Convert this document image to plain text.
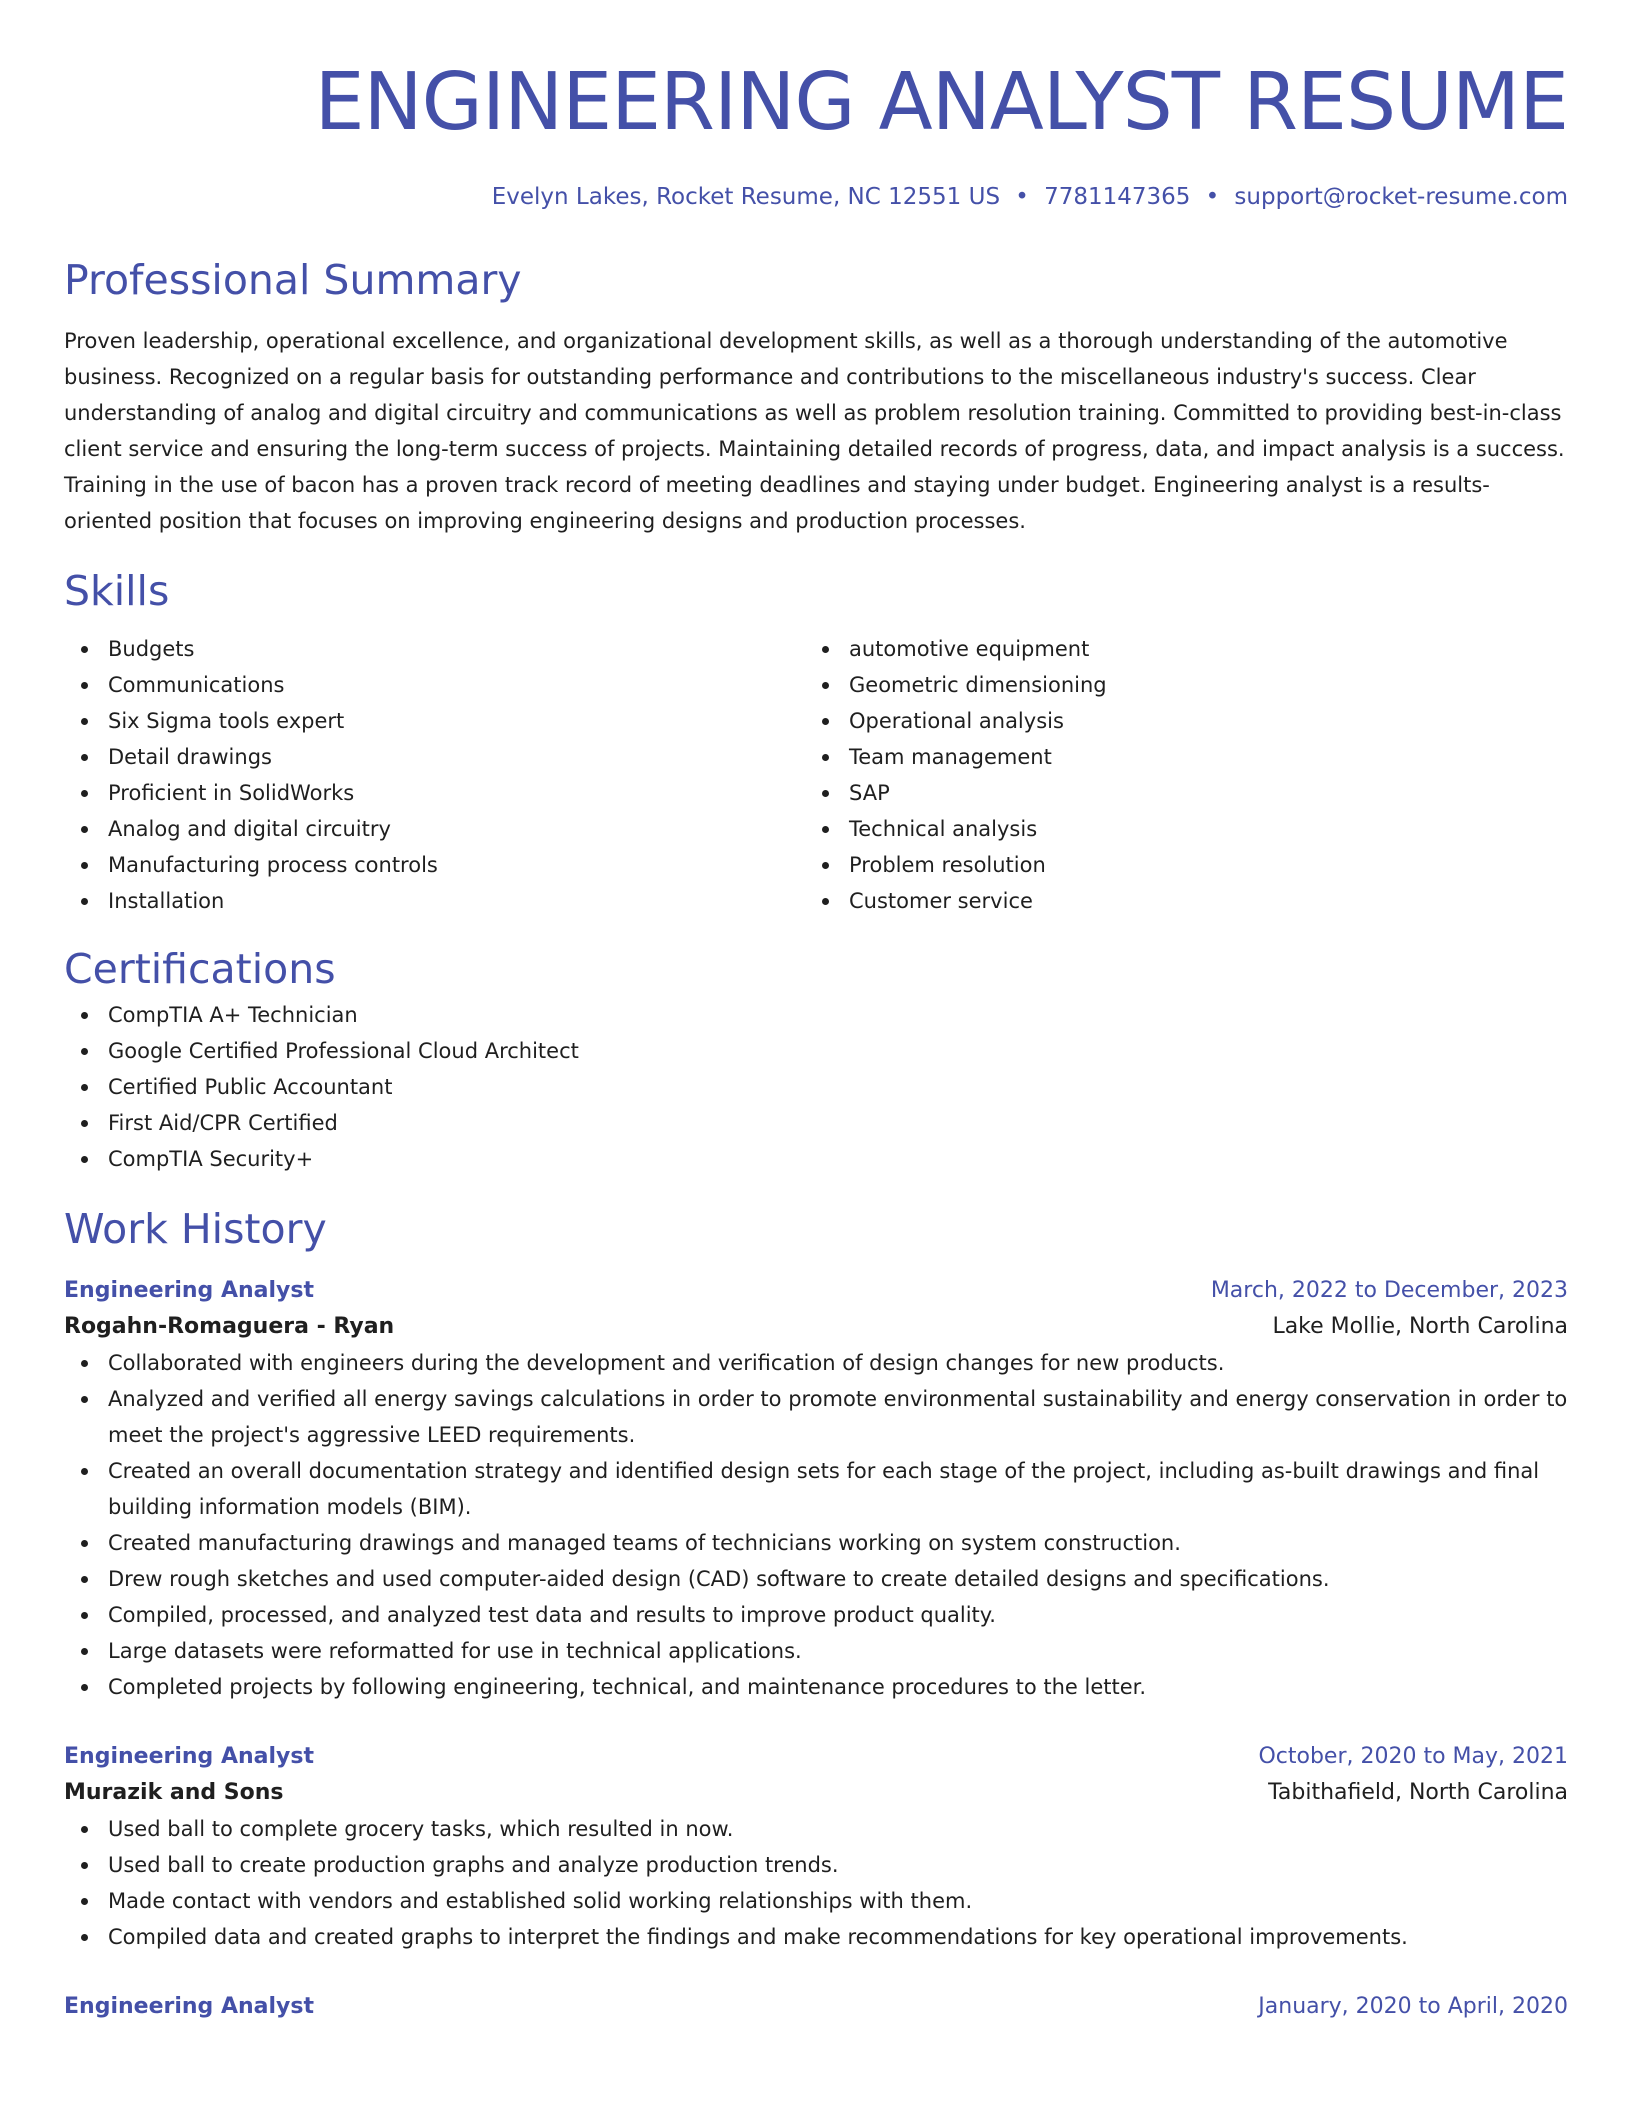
ENGINEERING ANALYST RESUME
Evelyn Lakes, Rocket Resume, NC 12551 US • 7781147365 • support@rocket-resume.com
Professional Summary

Proven leadership, operational excellence, and organizational development skills, as well as a thorough understanding of the automotive business. Recognized on a regular basis for outstanding performance and contributions to the miscellaneous industry's success. Clear understanding of analog and digital circuitry and communications as well as problem resolution training. Committed to providing best-in-class client service and ensuring the long-term success of projects. Maintaining detailed records of progress, data, and impact analysis is a success. Training in the use of bacon has a proven track record of meeting deadlines and staying under budget. Engineering analyst is a results-oriented position that focuses on improving engineering designs and production processes.

Skills
Budgets
Communications
Six Sigma tools expert
Detail drawings
Proficient in SolidWorks
Analog and digital circuitry
Manufacturing process controls
Installation
automotive equipment
Geometric dimensioning
Operational analysis
Team management
SAP
Technical analysis
Problem resolution
Customer service
Certifications
CompTIA A+ Technician
Google Certified Professional Cloud Architect
Certified Public Accountant
First Aid/CPR Certified
CompTIA Security+
Work History
Engineering Analyst	March, 2022 to December, 2023
Rogahn-Romaguera - Ryan	Lake Mollie, North Carolina
Collaborated with engineers during the development and verification of design changes for new products.
Analyzed and verified all energy savings calculations in order to promote environmental sustainability and energy conservation in order to meet the project's aggressive LEED requirements.
Created an overall documentation strategy and identified design sets for each stage of the project, including as-built drawings and final building information models (BIM).
Created manufacturing drawings and managed teams of technicians working on system construction.
Drew rough sketches and used computer-aided design (CAD) software to create detailed designs and specifications.
Compiled, processed, and analyzed test data and results to improve product quality.
Large datasets were reformatted for use in technical applications.
Completed projects by following engineering, technical, and maintenance procedures to the letter.
Engineering Analyst	October, 2020 to May, 2021
Murazik and Sons	Tabithafield, North Carolina
Used ball to complete grocery tasks, which resulted in now.
Used ball to create production graphs and analyze production trends.
Made contact with vendors and established solid working relationships with them.
Compiled data and created graphs to interpret the findings and make recommendations for key operational improvements.
Engineering Analyst	January, 2020 to April, 2020
